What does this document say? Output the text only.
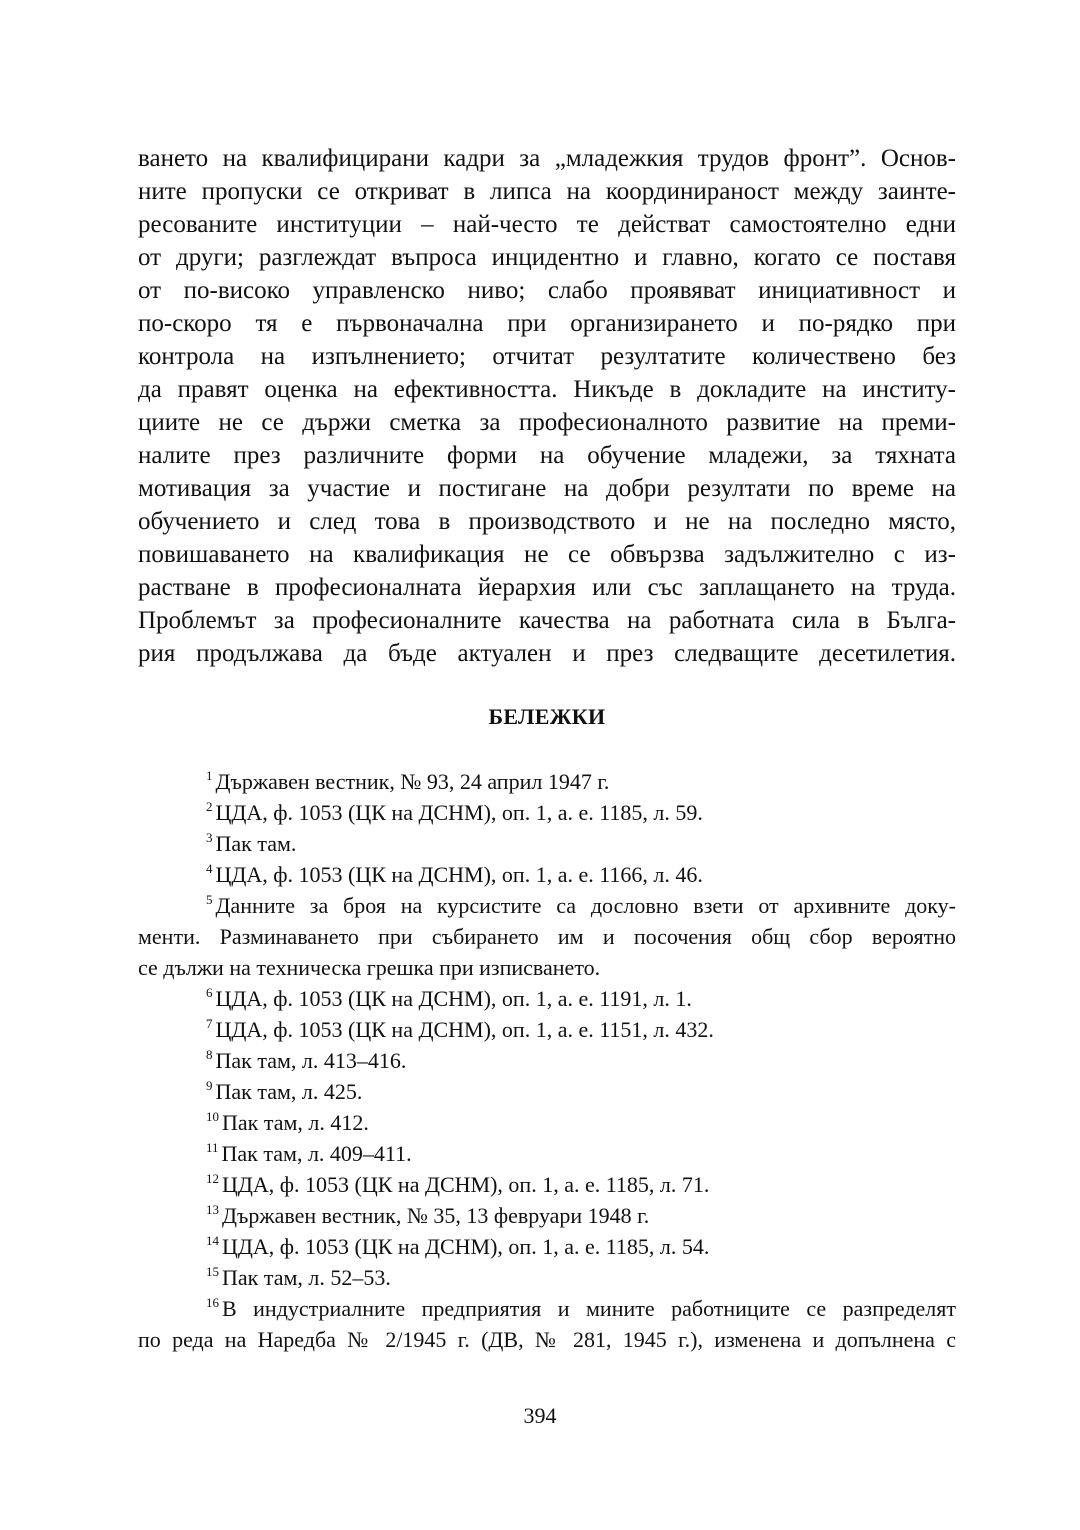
ването на квалифицирани кадри за „младежкия трудов фронт”. Основ-
ните пропуски се откриват в липса на координираност между заинте-
ресованите институции – най-често те действат самостоятелно едни
от други; разглеждат въпроса инцидентно и главно, когато се поставя
от по-високо управленско ниво; слабо проявяват инициативност и
по-скоро тя е първоначална при организирането и по-рядко при
контрола на изпълнението; отчитат резултатите количествено без
да правят оценка на ефективността. Никъде в докладите на институ-
циите не се държи сметка за професионалното развитие на преми-
налите през различните форми на обучение младежи, за тяхната
мотивация за участие и постигане на добри резултати по време на
обучението и след това в производството и не на последно място,
повишаването на квалификация не се обвързва задължително с из-
растване в професионалната йерархия или със заплащането на труда.
Проблемът за професионалните качества на работната сила в Бълга-
рия продължава да бъде актуален и през следващите десетилетия.
БЕЛЕЖКИ
$^1$ Държавен вестник, № 93, 24 април 1947 г.
$^2$ ЦДА, ф. 1053 (ЦК на ДСНМ), оп. 1, а. е. 1185, л. 59.
$^3$ Пак там.
$^4$ ЦДА, ф. 1053 (ЦК на ДСНМ), оп. 1, а. е. 1166, л. 46.
$^5$ Данните за броя на курсистите са дословно взети от архивните доку-
менти. Разминаването при събирането им и посочения общ сбор вероятно
се дължи на техническа грешка при изписването.
$^6$ ЦДА, ф. 1053 (ЦК на ДСНМ), оп. 1, а. е. 1191, л. 1.
$^7$ ЦДА, ф. 1053 (ЦК на ДСНМ), оп. 1, а. е. 1151, л. 432.
$^8$ Пак там, л. 413–416.
$^9$ Пак там, л. 425.
$^{10}$ Пак там, л. 412.
$^{11}$ Пак там, л. 409–411.
$^{12}$ ЦДА, ф. 1053 (ЦК на ДСНМ), оп. 1, а. е. 1185, л. 71.
$^{13}$ Държавен вестник, № 35, 13 февруари 1948 г.
$^{14}$ ЦДА, ф. 1053 (ЦК на ДСНМ), оп. 1, а. е. 1185, л. 54.
$^{15}$ Пак там, л. 52–53.
$^{16}$ В индустриалните предприятия и мините работниците се разпределят
по реда на Наредба № 2/1945 г. (ДВ, № 281, 1945 г.), изменена и допълнена с
394
